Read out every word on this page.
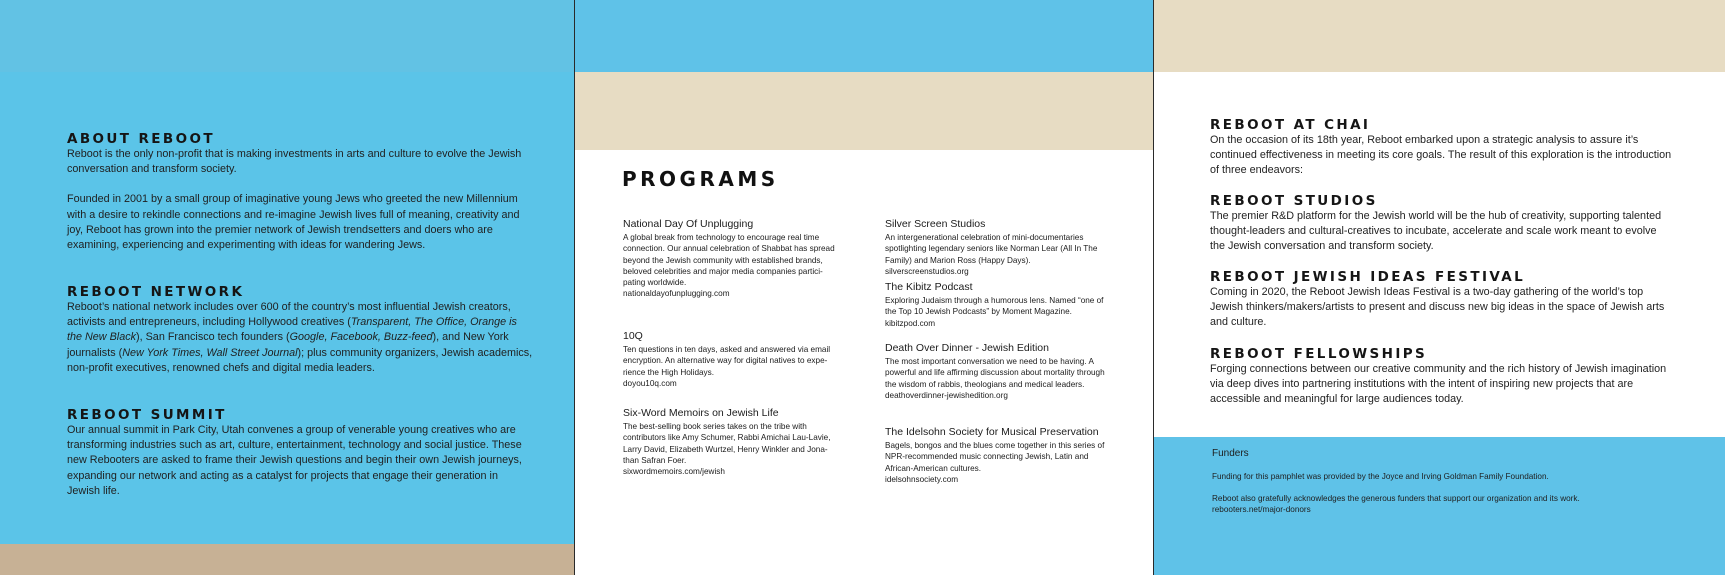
ABOUT REBOOT

Reboot is the only non-profit that is making investments in arts and culture to evolve the Jewish conversation and transform society.

Founded in 2001 by a small group of imaginative young Jews who greeted the new Millennium with a desire to rekindle connections and re-imagine Jewish lives full of meaning, creativity and joy, Reboot has grown into the premier network of Jewish trendsetters and doers who are examining, experiencing and experimenting with ideas for wandering Jews.

REBOOT NETWORK

Reboot’s national network includes over 600 of the country’s most influential Jewish creators, activists and entrepreneurs, including Hollywood creatives (Transparent, The Office, Orange is the New Black), San Francisco tech founders (Google, Facebook, Buzz-feed), and New York journalists (New York Times, Wall Street Journal); plus community organizers, Jewish academics, non-profit executives, renowned chefs and digital media leaders.

REBOOT SUMMIT

Our annual summit in Park City, Utah convenes a group of venerable young creatives who are transforming industries such as art, culture, entertainment, technology and social justice. These new Rebooters are asked to frame their Jewish questions and begin their own Jewish journeys, expanding our network and acting as a catalyst for projects that engage their generation in Jewish life.

PROGRAMS

National Day Of Unplugging

A global break from technology to encourage real time connection. Our annual celebration of Shabbat has spread beyond the Jewish community with established brands, beloved celebrities and major media companies partici-pating worldwide.

nationaldayofunplugging.com

10Q

Ten questions in ten days, asked and answered via email encryption. An alternative way for digital natives to expe-rience the High Holidays.

doyou10q.com

Six-Word Memoirs on Jewish Life

The best-selling book series takes on the tribe with contributors like Amy Schumer, Rabbi Amichai Lau-Lavie, Larry David, Elizabeth Wurtzel, Henry Winkler and Jona-than Safran Foer.

sixwordmemoirs.com/jewish

Silver Screen Studios

An intergenerational celebration of mini-documentaries spotlighting legendary seniors like Norman Lear (All In The Family) and Marion Ross (Happy Days).

silverscreenstudios.org

The Kibitz Podcast

Exploring Judaism through a humorous lens. Named “one of the Top 10 Jewish Podcasts” by Moment Magazine.

kibitzpod.com

Death Over Dinner - Jewish Edition

The most important conversation we need to be having. A powerful and life affirming discussion about mortality through the wisdom of rabbis, theologians and medical leaders.

deathoverdinner-jewishedition.org

The Idelsohn Society for Musical Preservation

Bagels, bongos and the blues come together in this series of NPR-recommended music connecting Jewish, Latin and African-American cultures.

idelsohnsociety.com

REBOOT AT CHAI

On the occasion of its 18th year, Reboot embarked upon a strategic analysis to assure it’s continued effectiveness in meeting its core goals. The result of this exploration is the introduction of three endeavors:

REBOOT STUDIOS

The premier R&D platform for the Jewish world will be the hub of creativity, supporting talented thought-leaders and cultural-creatives to incubate, accelerate and scale work meant to evolve the Jewish conversation and transform society.

REBOOT JEWISH IDEAS FESTIVAL

Coming in 2020, the Reboot Jewish Ideas Festival is a two-day gathering of the world’s top Jewish thinkers/makers/artists to present and discuss new big ideas in the space of Jewish arts and culture.

REBOOT FELLOWSHIPS

Forging connections between our creative community and the rich history of Jewish imagination via deep dives into partnering institutions with the intent of inspiring new projects that are accessible and meaningful for large audiences today.

Funders

Funding for this pamphlet was provided by the Joyce and Irving Goldman Family Foundation.

Reboot also gratefully acknowledges the generous funders that support our organization and its work.

rebooters.net/major-donors
